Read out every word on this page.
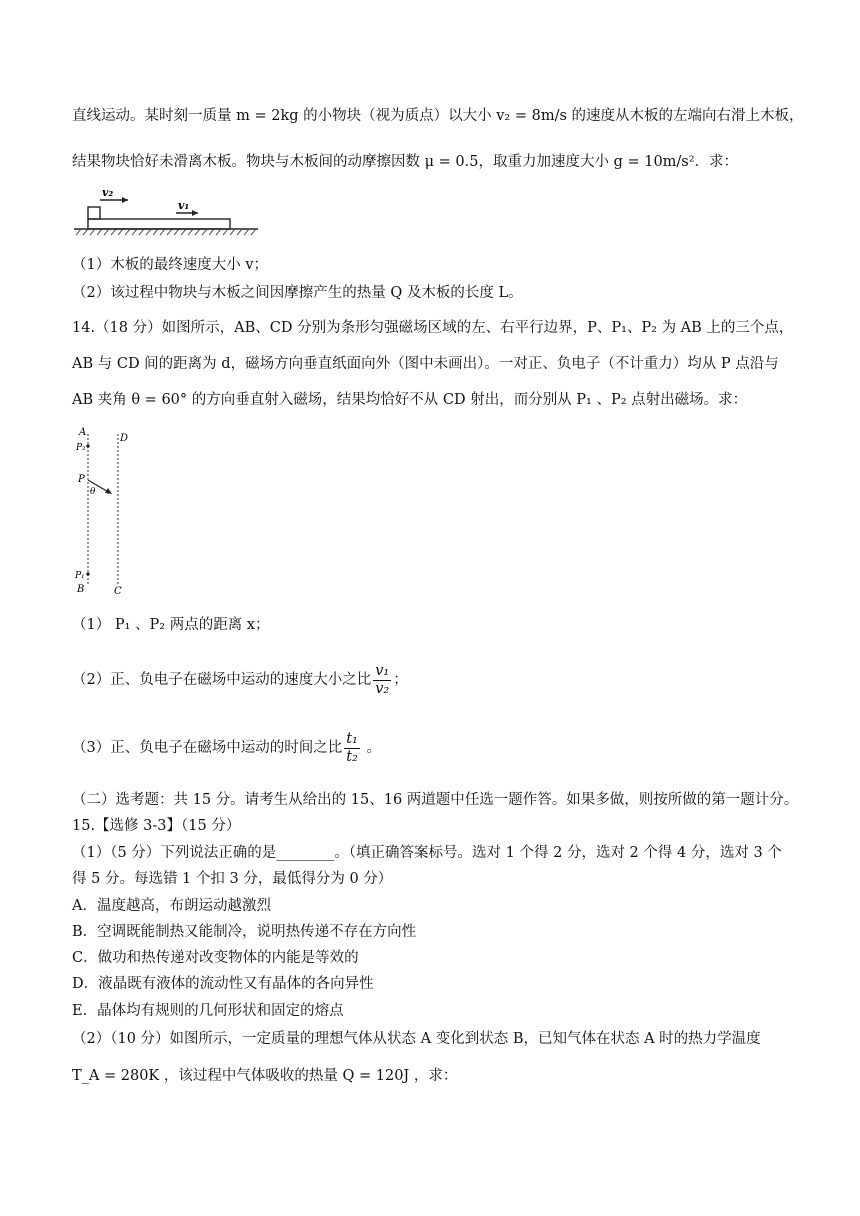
直线运动。某时刻一质量 m = 2kg 的小物块（视为质点）以大小 v₂ = 8m/s 的速度从木板的左端向右滑上木板，
结果物块恰好未滑离木板。物块与木板间的动摩擦因数 μ = 0.5，取重力加速度大小 g = 10m/s²．求：
v₂
v₁
（1）木板的最终速度大小 v；
（2）该过程中物块与木板之间因摩擦产生的热量 Q 及木板的长度 L。
14.（18 分）如图所示，AB、CD 分别为条形匀强磁场区域的左、右平行边界，P、P₁、P₂ 为 AB 上的三个点，
AB 与 CD 间的距离为 d，磁场方向垂直纸面向外（图中未画出）。一对正、负电子（不计重力）均从 P 点沿与
AB 夹角 θ = 60° 的方向垂直射入磁场，结果均恰好不从 CD 射出，而分别从 P₁ 、P₂ 点射出磁场。求：
A
D
P₂
P
θ
P₁
B	C
（1） P₁ 、P₂ 两点的距离 x；
（2）正、负电子在磁场中运动的速度大小之比 $\frac{\text{v₁}}{\text{v₂}}$ ；
（3）正、负电子在磁场中运动的时间之比 $\frac{\text{t₁}}{\text{t₂}}$ 。
（二）选考题：共 15 分。请考生从给出的 15、16 两道题中任选一题作答。如果多做，则按所做的第一题计分。
15.【选修 3-3】（15 分）
（1）（5 分）下列说法正确的是________。（填正确答案标号。选对 1 个得 2 分，选对 2 个得 4 分，选对 3 个
得 5 分。每选错 1 个扣 3 分，最低得分为 0 分）
A．温度越高，布朗运动越激烈
B．空调既能制热又能制冷，说明热传递不存在方向性
C．做功和热传递对改变物体的内能是等效的
D．液晶既有液体的流动性又有晶体的各向异性
E．晶体均有规则的几何形状和固定的熔点
（2）（10 分）如图所示，一定质量的理想气体从状态 A 变化到状态 B，已知气体在状态 A 时的热力学温度
T_A = 280K ，该过程中气体吸收的热量 Q = 120J ，求：
